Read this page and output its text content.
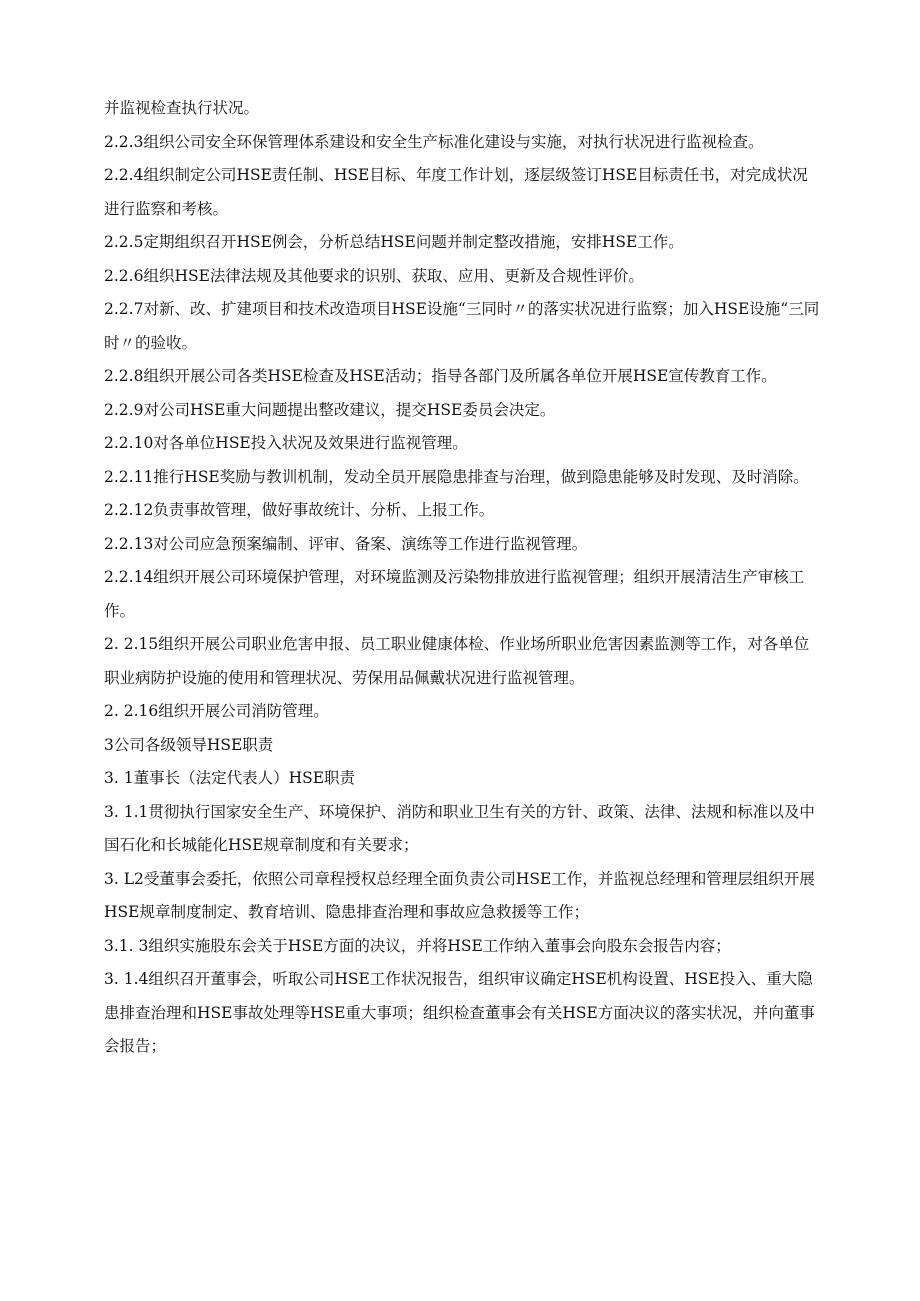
并监视检查执行状况。

2.2.3组织公司安全环保管理体系建设和安全生产标准化建设与实施，对执行状况进行监视检查。

2.2.4组织制定公司HSE责任制、HSE目标、年度工作计划，逐层级签订HSE目标责任书，对完成状况进行监察和考核。

2.2.5定期组织召开HSE例会，分析总结HSE问题并制定整改措施，安排HSE工作。

2.2.6组织HSE法律法规及其他要求的识别、获取、应用、更新及合规性评价。

2.2.7对新、改、扩建项目和技术改造项目HSE设施“三同时〃的落实状况进行监察；加入HSE设施“三同时〃的验收。

2.2.8组织开展公司各类HSE检查及HSE活动；指导各部门及所属各单位开展HSE宣传教育工作。

2.2.9对公司HSE重大问题提出整改建议，提交HSE委员会决定。

2.2.10对各单位HSE投入状况及效果进行监视管理。

2.2.11推行HSE奖励与教训机制，发动全员开展隐患排查与治理，做到隐患能够及时发现、及时消除。

2.2.12负责事故管理，做好事故统计、分析、上报工作。

2.2.13对公司应急预案编制、评审、备案、演练等工作进行监视管理。

2.2.14组织开展公司环境保护管理，对环境监测及污染物排放进行监视管理；组织开展清洁生产审核工作。

2. 2.15组织开展公司职业危害申报、员工职业健康体检、作业场所职业危害因素监测等工作，对各单位职业病防护设施的使用和管理状况、劳保用品佩戴状况进行监视管理。

2. 2.16组织开展公司消防管理。

3公司各级领导HSE职责

3. 1董事长（法定代表人）HSE职责

3. 1.1贯彻执行国家安全生产、环境保护、消防和职业卫生有关的方针、政策、法律、法规和标准以及中国石化和长城能化HSE规章制度和有关要求；

3. L2受董事会委托，依照公司章程授权总经理全面负责公司HSE工作，并监视总经理和管理层组织开展HSE规章制度制定、教育培训、隐患排查治理和事故应急救援等工作；

3.1. 3组织实施股东会关于HSE方面的决议，并将HSE工作纳入董事会向股东会报告内容；

3. 1.4组织召开董事会，听取公司HSE工作状况报告，组织审议确定HSE机构设置、HSE投入、重大隐患排查治理和HSE事故处理等HSE重大事项；组织检查董事会有关HSE方面决议的落实状况，并向董事会报告；
